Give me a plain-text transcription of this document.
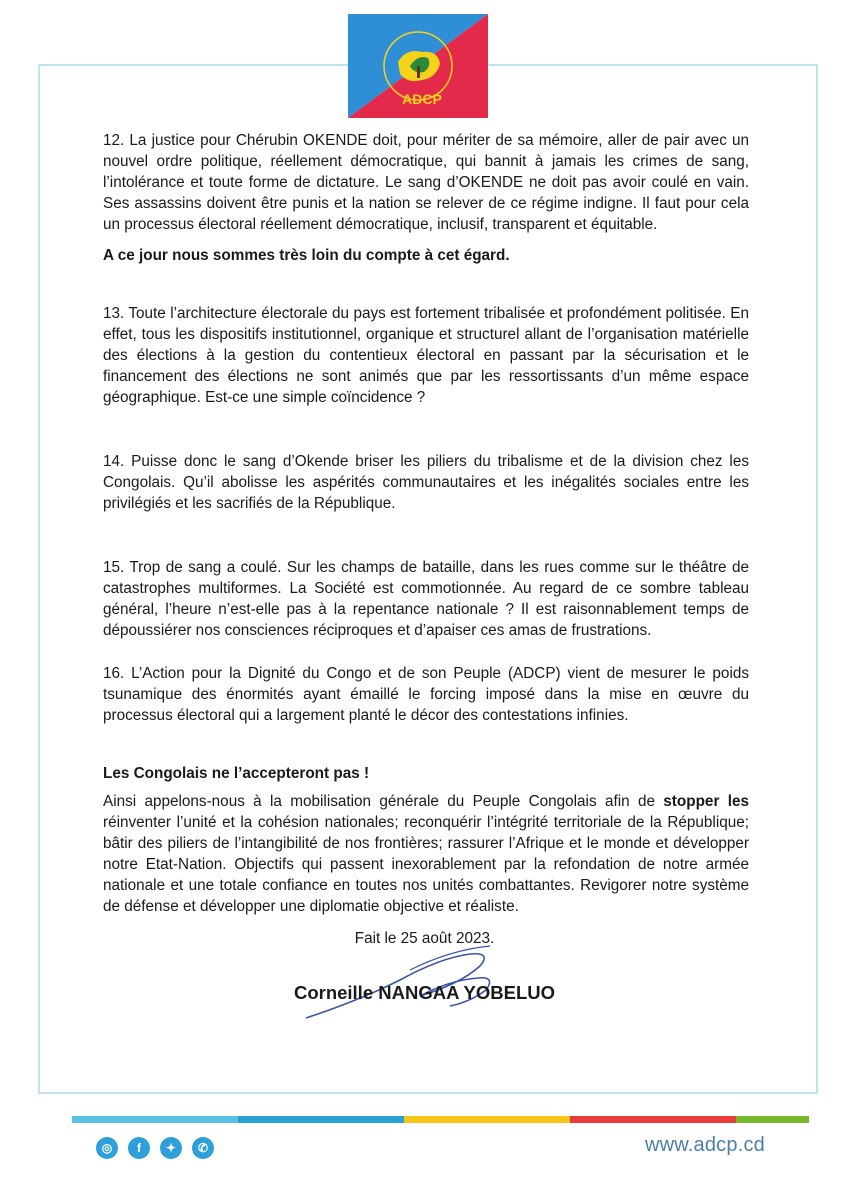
ADCP

12. La justice pour Chérubin OKENDE doit, pour mériter de sa mémoire, aller de pair avec un nouvel ordre politique, réellement démocratique, qui bannit à jamais les crimes de sang, l’intolérance et toute forme de dictature. Le sang d’OKENDE ne doit pas avoir coulé en vain. Ses assassins doivent être punis et la nation se relever de ce régime indigne. Il faut pour cela un processus électoral réellement démocratique, inclusif, transparent et équitable.

A ce jour nous sommes très loin du compte à cet égard.

13. Toute l’architecture électorale du pays est fortement tribalisée et profondément politisée. En effet, tous les dispositifs institutionnel, organique et structurel allant de l’organisation matérielle des élections à la gestion du contentieux électoral en passant par la sécurisation et le financement des élections ne sont animés que par les ressortissants d’un même espace géographique. Est-ce une simple coïncidence ?

14. Puisse donc le sang d’Okende briser les piliers du tribalisme et de la division chez les Congolais. Qu’il abolisse les aspérités communautaires et les inégalités sociales entre les privilégiés et les sacrifiés de la République.

15. Trop de sang a coulé. Sur les champs de bataille, dans les rues comme sur le théâtre de catastrophes multiformes. La Société est commotionnée. Au regard de ce sombre tableau général, l’heure n’est-elle pas à la repentance nationale ? Il est raisonnablement temps de dépoussiérer nos consciences réciproques et d’apaiser ces amas de frustrations.

16. L’Action pour la Dignité du Congo et de son Peuple (ADCP) vient de mesurer le poids tsunamique des énormités ayant émaillé le forcing imposé dans la mise en œuvre du processus électoral qui a largement planté le décor des contestations infinies.

Les Congolais ne l’accepteront pas !

Ainsi appelons-nous à la mobilisation générale du Peuple Congolais afin de stopper les réinventer l’unité et la cohésion nationales; reconquérir l’intégrité territoriale de la République; bâtir des piliers de l’intangibilité de nos frontières; rassurer l’Afrique et le monde et développer notre Etat-Nation. Objectifs qui passent inexorablement par la refondation de notre armée nationale et une totale confiance en toutes nos unités combattantes. Revigorer notre système de défense et développer une diplomatie objective et réaliste.

Fait le 25 août 2023.
Corneille NANGAA YOBELUO
◎	f	✦	✆	www.adcp.cd
